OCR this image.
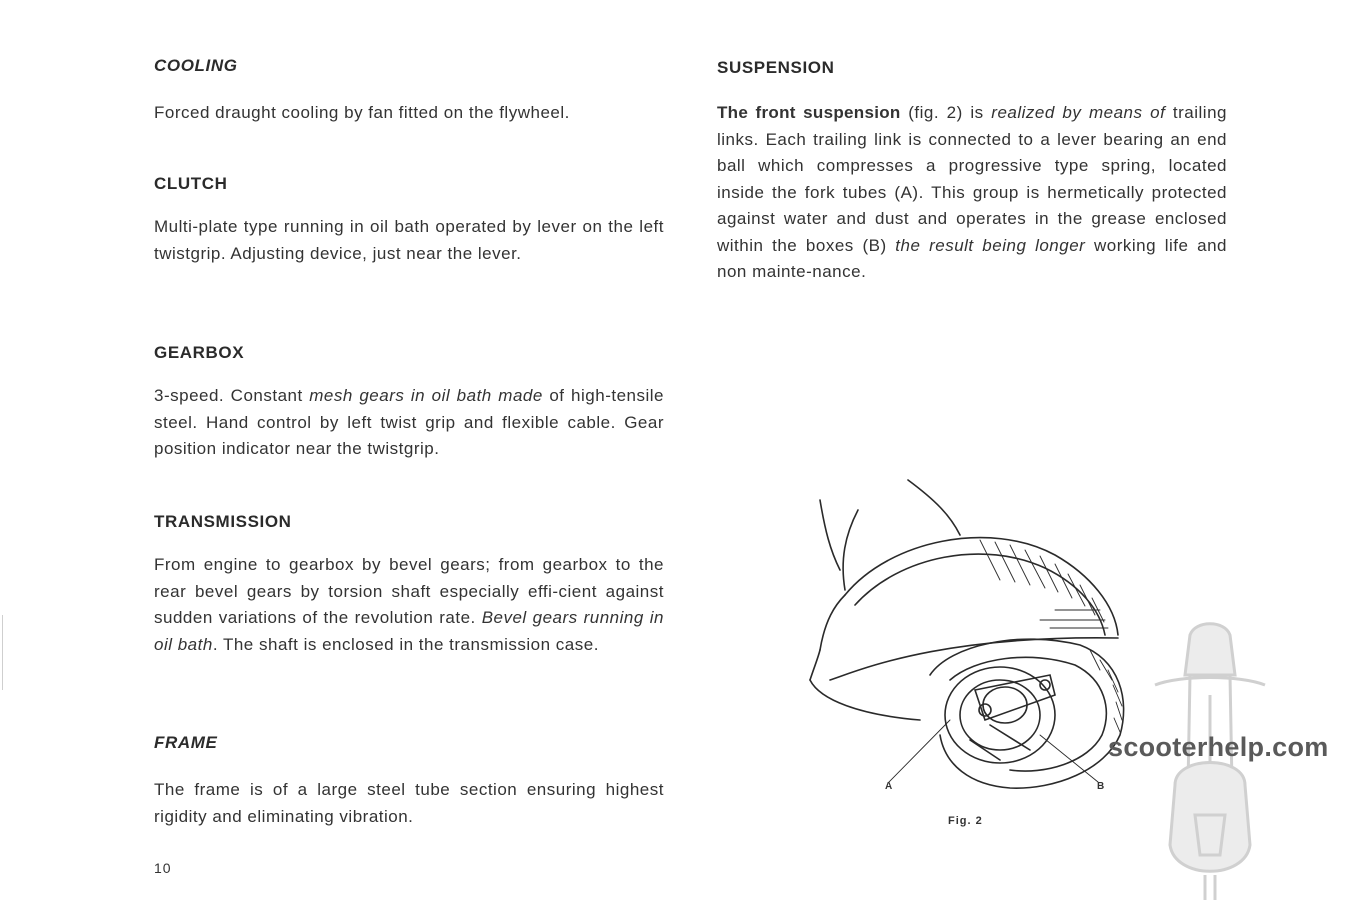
COOLING

Forced draught cooling by fan fitted on the flywheel.

CLUTCH

Multi-plate type running in oil bath operated by lever on the left twistgrip. Adjusting device, just near the lever.

GEARBOX

3-speed. Constant mesh gears in oil bath made of high-tensile steel. Hand control by left twist grip and flexible cable. Gear position indicator near the twistgrip.

TRANSMISSION

From engine to gearbox by bevel gears; from gearbox to the rear bevel gears by torsion shaft especially effi-cient against sudden variations of the revolution rate. Bevel gears running in oil bath. The shaft is enclosed in the transmission case.

FRAME

The frame is of a large steel tube section ensuring highest rigidity and eliminating vibration.

SUSPENSION

The front suspension (fig. 2) is realized by means of trailing links. Each trailing link is connected to a lever bearing an end ball which compresses a progressive type spring, located inside the fork tubes (A). This group is hermetically protected against water and dust and operates in the grease enclosed within the boxes (B) the result being longer working life and non mainte-nance.

A	B
Fig. 2
scooterhelp.com
10
